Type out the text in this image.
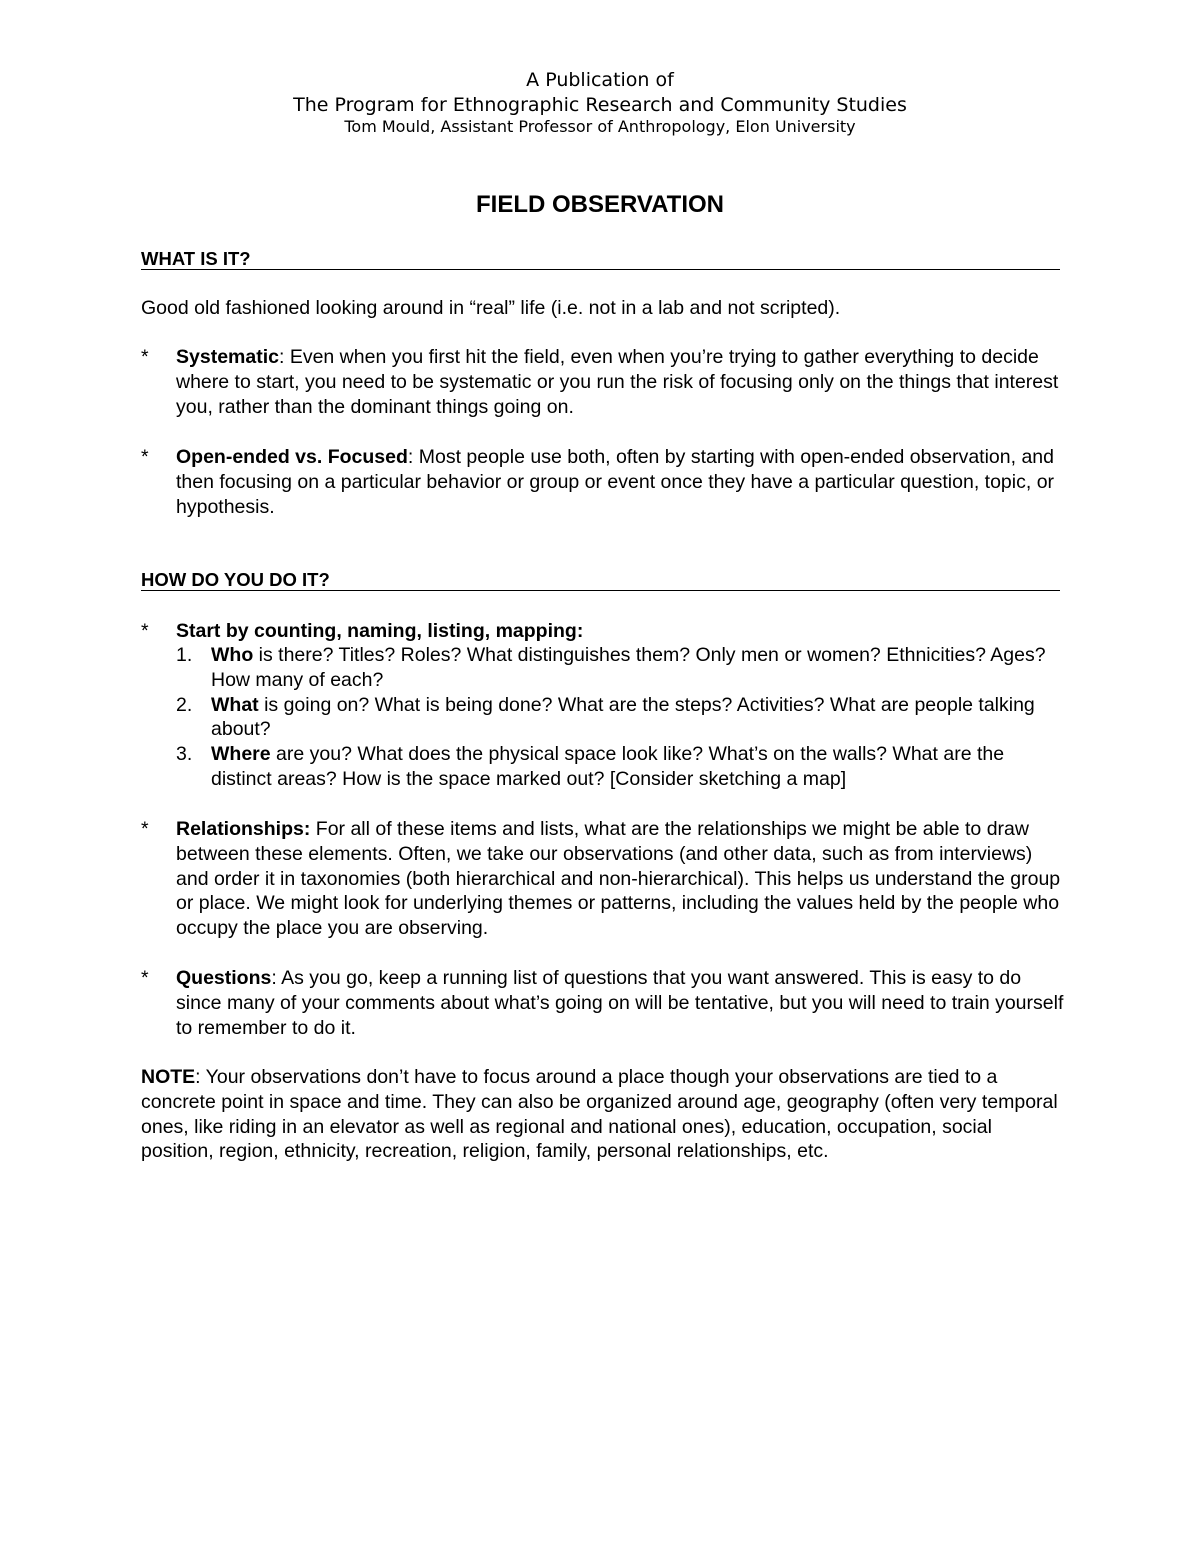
A Publication of
The Program for Ethnographic Research and Community Studies
Tom Mould, Assistant Professor of Anthropology, Elon University
FIELD OBSERVATION
WHAT IS IT?
Good old fashioned looking around in “real” life (i.e. not in a lab and not scripted).
*	Systematic: Even when you first hit the field, even when you’re trying to gather everything to decide where to start, you need to be systematic or you run the risk of focusing only on the things that interest you, rather than the dominant things going on.
*	Open-ended vs. Focused: Most people use both, often by starting with open-ended observation, and then focusing on a particular behavior or group or event once they have a particular question, topic, or hypothesis.
HOW DO YOU DO IT?
*	Start by counting, naming, listing, mapping:
1. Who is there? Titles? Roles? What distinguishes them? Only men or women? Ethnicities? Ages? How many of each?
2. What is going on? What is being done? What are the steps? Activities? What are people talking about?
3. Where are you? What does the physical space look like? What’s on the walls? What are the distinct areas? How is the space marked out? [Consider sketching a map]
*	Relationships: For all of these items and lists, what are the relationships we might be able to draw between these elements. Often, we take our observations (and other data, such as from interviews) and order it in taxonomies (both hierarchical and non-hierarchical). This helps us understand the group or place. We might look for underlying themes or patterns, including the values held by the people who occupy the place you are observing.
*	Questions: As you go, keep a running list of questions that you want answered. This is easy to do since many of your comments about what’s going on will be tentative, but you will need to train yourself to remember to do it.
NOTE: Your observations don’t have to focus around a place though your observations are tied to a concrete point in space and time. They can also be organized around age, geography (often very temporal ones, like riding in an elevator as well as regional and national ones), education, occupation, social position, region, ethnicity, recreation, religion, family, personal relationships, etc.
